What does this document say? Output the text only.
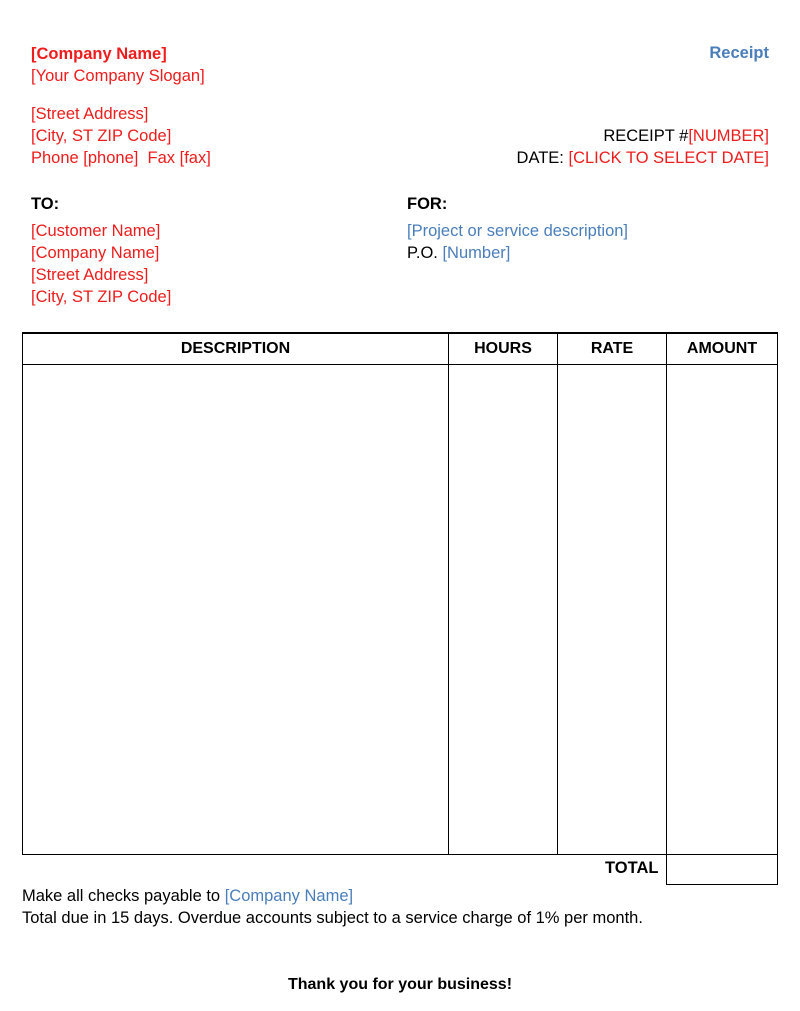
[Company Name]
[Your Company Slogan]
Receipt
[Street Address]
[City, ST ZIP Code]
Phone [phone]  Fax [fax]
RECEIPT #[NUMBER]
DATE: [CLICK TO SELECT DATE]
TO:
[Customer Name]
[Company Name]
[Street Address]
[City, ST ZIP Code]
FOR:
[Project or service description]
P.O. [Number]
DESCRIPTION	HOURS	RATE	AMOUNT

TOTAL
Make all checks payable to [Company Name]
Total due in 15 days. Overdue accounts subject to a service charge of 1% per month.
Thank you for your business!
